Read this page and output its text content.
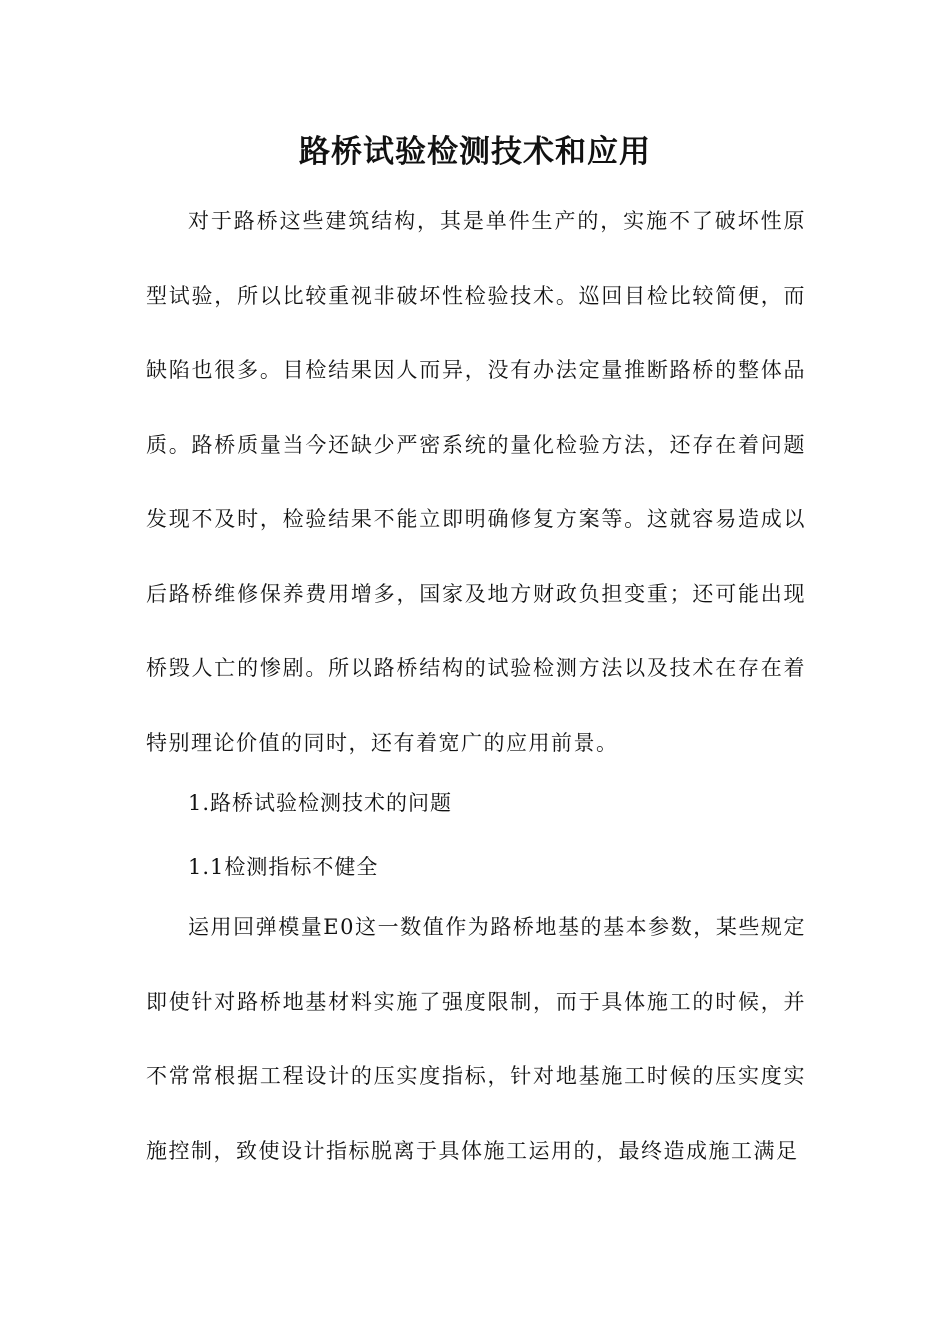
路桥试验检测技术和应用

对于路桥这些建筑结构，其是单件生产的，实施不了破坏性原型试验，所以比较重视非破坏性检验技术。巡回目检比较简便，而缺陷也很多。目检结果因人而异，没有办法定量推断路桥的整体品质。路桥质量当今还缺少严密系统的量化检验方法，还存在着问题发现不及时，检验结果不能立即明确修复方案等。这就容易造成以后路桥维修保养费用增多，国家及地方财政负担变重；还可能出现桥毁人亡的惨剧。所以路桥结构的试验检测方法以及技术在存在着特别理论价值的同时，还有着宽广的应用前景。

1.路桥试验检测技术的问题

1.1检测指标不健全

运用回弹模量E0这一数值作为路桥地基的基本参数，某些规定即使针对路桥地基材料实施了强度限制，而于具体施工的时候，并不常常根据工程设计的压实度指标，针对地基施工时候的压实度实施控制，致使设计指标脱离于具体施工运用的，最终造成施工满足
